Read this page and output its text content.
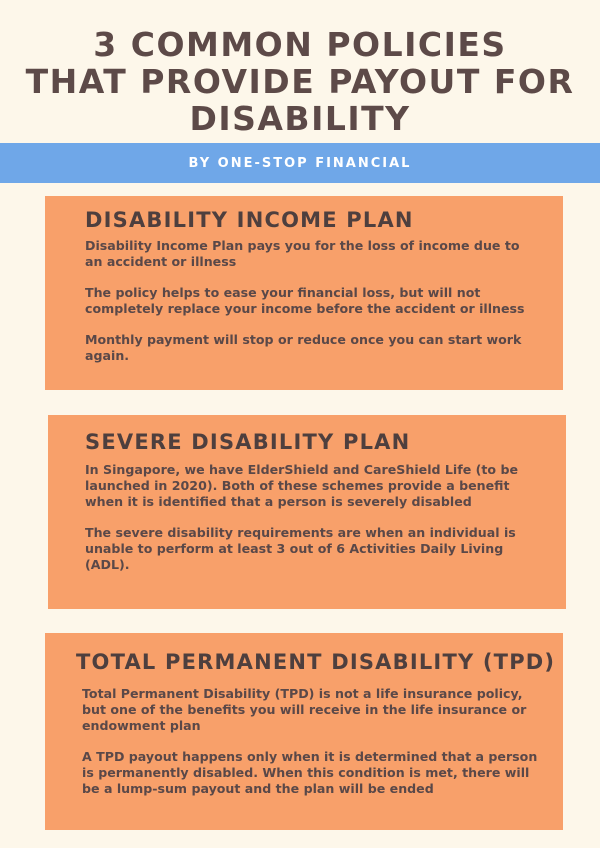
3 COMMON POLICIES
THAT PROVIDE PAYOUT FOR
DISABILITY
BY ONE-STOP FINANCIAL
DISABILITY INCOME PLAN

Disability Income Plan pays you for the loss of income due to an accident or illness

The policy helps to ease your financial loss, but will not completely replace your income before the accident or illness

Monthly payment will stop or reduce once you can start work again.

SEVERE DISABILITY PLAN

In Singapore, we have ElderShield and CareShield Life (to be launched in 2020). Both of these schemes provide a benefit when it is identified that a person is severely disabled

The severe disability requirements are when an individual is unable to perform at least 3 out of 6 Activities Daily Living (ADL).

TOTAL PERMANENT DISABILITY (TPD)

Total Permanent Disability (TPD) is not a life insurance policy, but one of the benefits you will receive in the life insurance or endowment plan

A TPD payout happens only when it is determined that a person is permanently disabled. When this condition is met, there will be a lump-sum payout and the plan will be ended
